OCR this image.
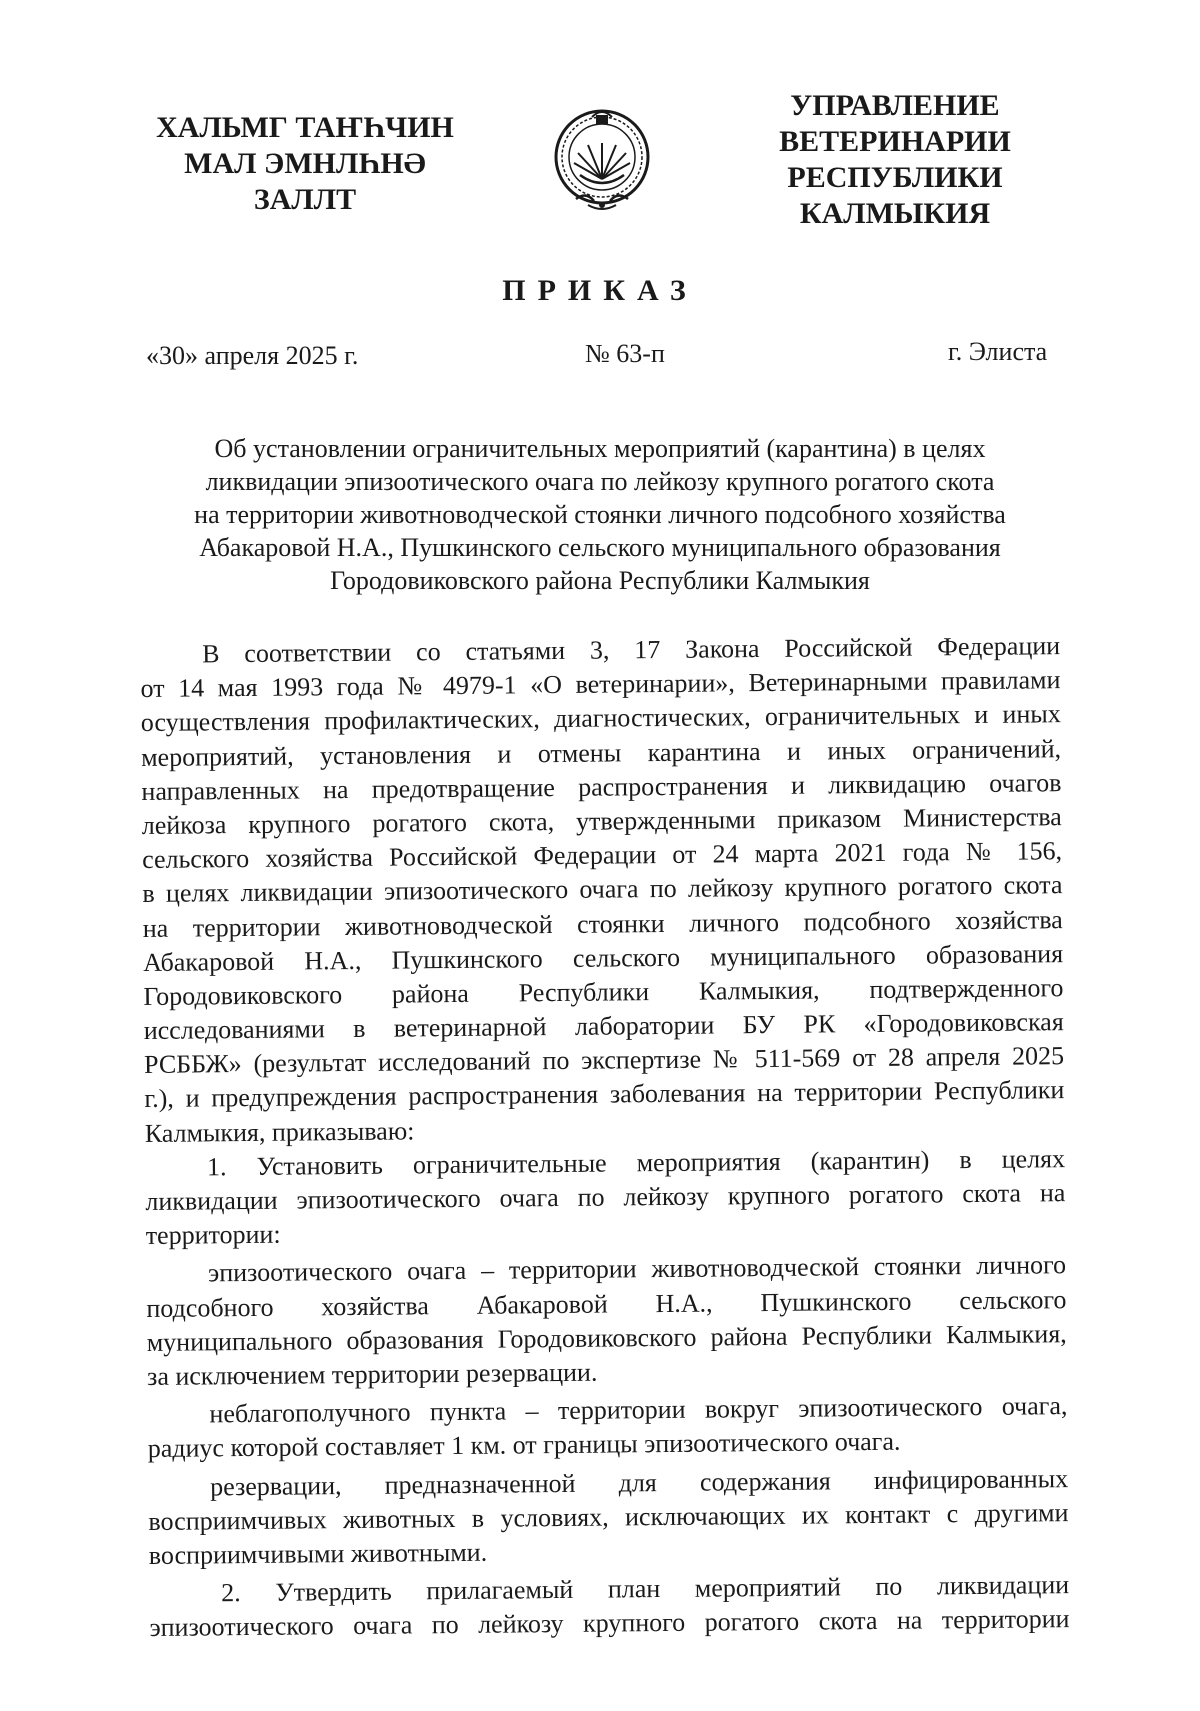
ХАЛЬМГ ТАҤҺЧИН
МАЛ ЭМНЛҺНӘ
ЗАЛЛТ
УПРАВЛЕНИЕ
ВЕТЕРИНАРИИ
РЕСПУБЛИКИ
КАЛМЫКИЯ
ПРИКАЗ
«30» апреля 2025 г.	№ 63-п	г. Элиста
Об установлении ограничительных мероприятий (карантина) в целях
ликвидации эпизоотического очага по лейкозу крупного рогатого скота
на территории животноводческой стоянки личного подсобного хозяйства
Абакаровой Н.А., Пушкинского сельского муниципального образования
Городовиковского района Республики Калмыкия
В соответствии со статьями 3, 17 Закона Российской Федерации
от 14 мая 1993 года № 4979-1 «О ветеринарии», Ветеринарными правилами
осуществления профилактических, диагностических, ограничительных и иных
мероприятий, установления и отмены карантина и иных ограничений,
направленных на предотвращение распространения и ликвидацию очагов
лейкоза крупного рогатого скота, утвержденными приказом Министерства
сельского хозяйства Российской Федерации от 24 марта 2021 года № 156,
в целях ликвидации эпизоотического очага по лейкозу крупного рогатого скота
на территории животноводческой стоянки личного подсобного хозяйства
Абакаровой Н.А., Пушкинского сельского муниципального образования
Городовиковского района Республики Калмыкия, подтвержденного
исследованиями в ветеринарной лаборатории БУ РК «Городовиковская
РСББЖ» (результат исследований по экспертизе № 511-569 от 28 апреля 2025
г.), и предупреждения распространения заболевания на территории Республики
Калмыкия, приказываю:
1. Установить ограничительные мероприятия (карантин) в целях
ликвидации эпизоотического очага по лейкозу крупного рогатого скота на
территории:
эпизоотического очага – территории животноводческой стоянки личного
подсобного хозяйства Абакаровой Н.А., Пушкинского сельского
муниципального образования Городовиковского района Республики Калмыкия,
за исключением территории резервации.
неблагополучного пункта – территории вокруг эпизоотического очага,
радиус которой составляет 1 км. от границы эпизоотического очага.
резервации, предназначенной для содержания инфицированных
восприимчивых животных в условиях, исключающих их контакт с другими
восприимчивыми животными.
2. Утвердить прилагаемый план мероприятий по ликвидации
эпизоотического очага по лейкозу крупного рогатого скота на территории
